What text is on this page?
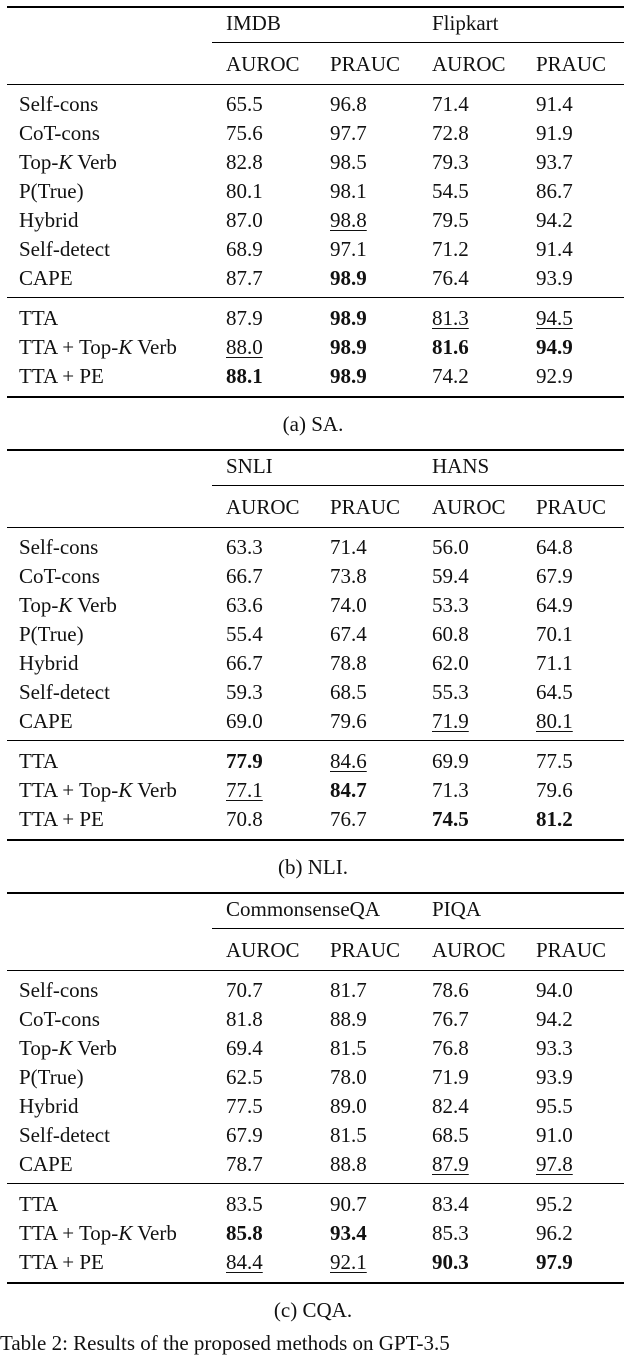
IMDB	Flipkart
AUROC PRAUC AUROC PRAUC
Self-cons	65.5	96.8	71.4	91.4
CoT-cons	75.6	97.7	72.8	91.9
Top-K Verb	82.8	98.5	79.3	93.7
P(True)	80.1	98.1	54.5	86.7
Hybrid	87.0	98.8	79.5	94.2
Self-detect	68.9	97.1	71.2	91.4
CAPE	87.7	98.9	76.4	93.9
TTA	87.9	98.9	81.3	94.5
TTA + Top-K Verb 88.0	98.9	81.6	94.9
TTA + PE	88.1	98.9	74.2	92.9
(a) SA.
SNLI	HANS
AUROC PRAUC AUROC PRAUC
Self-cons	63.3	71.4	56.0	64.8
CoT-cons	66.7	73.8	59.4	67.9
Top-K Verb	63.6	74.0	53.3	64.9
P(True)	55.4	67.4	60.8	70.1
Hybrid	66.7	78.8	62.0	71.1
Self-detect	59.3	68.5	55.3	64.5
CAPE	69.0	79.6	71.9	80.1
TTA	77.9	84.6	69.9	77.5
TTA + Top-K Verb 77.1	84.7	71.3	79.6
TTA + PE	70.8	76.7	74.5	81.2
(b) NLI.
CommonsenseQA PIQA
AUROC PRAUC AUROC PRAUC
Self-cons	70.7	81.7	78.6	94.0
CoT-cons	81.8	88.9	76.7	94.2
Top-K Verb	69.4	81.5	76.8	93.3
P(True)	62.5	78.0	71.9	93.9
Hybrid	77.5	89.0	82.4	95.5
Self-detect	67.9	81.5	68.5	91.0
CAPE	78.7	88.8	87.9	97.8
TTA	83.5	90.7	83.4	95.2
TTA + Top-K Verb 85.8	93.4	85.3	96.2
TTA + PE	84.4	92.1	90.3	97.9
(c) CQA.
Table 2: Results of the proposed methods on GPT-3.5
